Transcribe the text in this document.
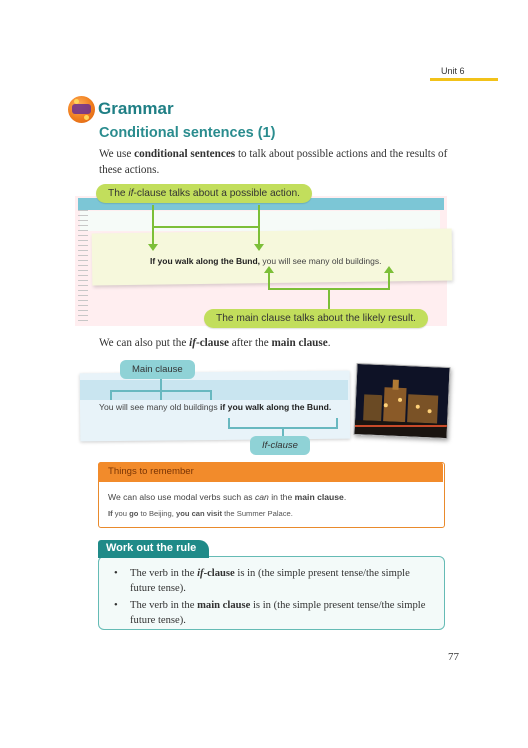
Unit 6
Grammar
Conditional sentences (1)
We use conditional sentences to talk about possible actions and the results of these actions.
If you walk along the Bund, you will see many old buildings.
The if-clause talks about a possible action.
The main clause talks about the likely result.
We can also put the if-clause after the main clause.
You will see many old buildings if you walk along the Bund.
Main clause
If-clause
Things to remember
We can also use modal verbs such as can in the main clause.
If you go to Beijing, you can visit the Summer Palace.
Work out the rule
•	The verb in the if-clause is in (the simple present tense/the simple future tense).
•	The verb in the main clause is in (the simple present tense/the simple future tense).
77
